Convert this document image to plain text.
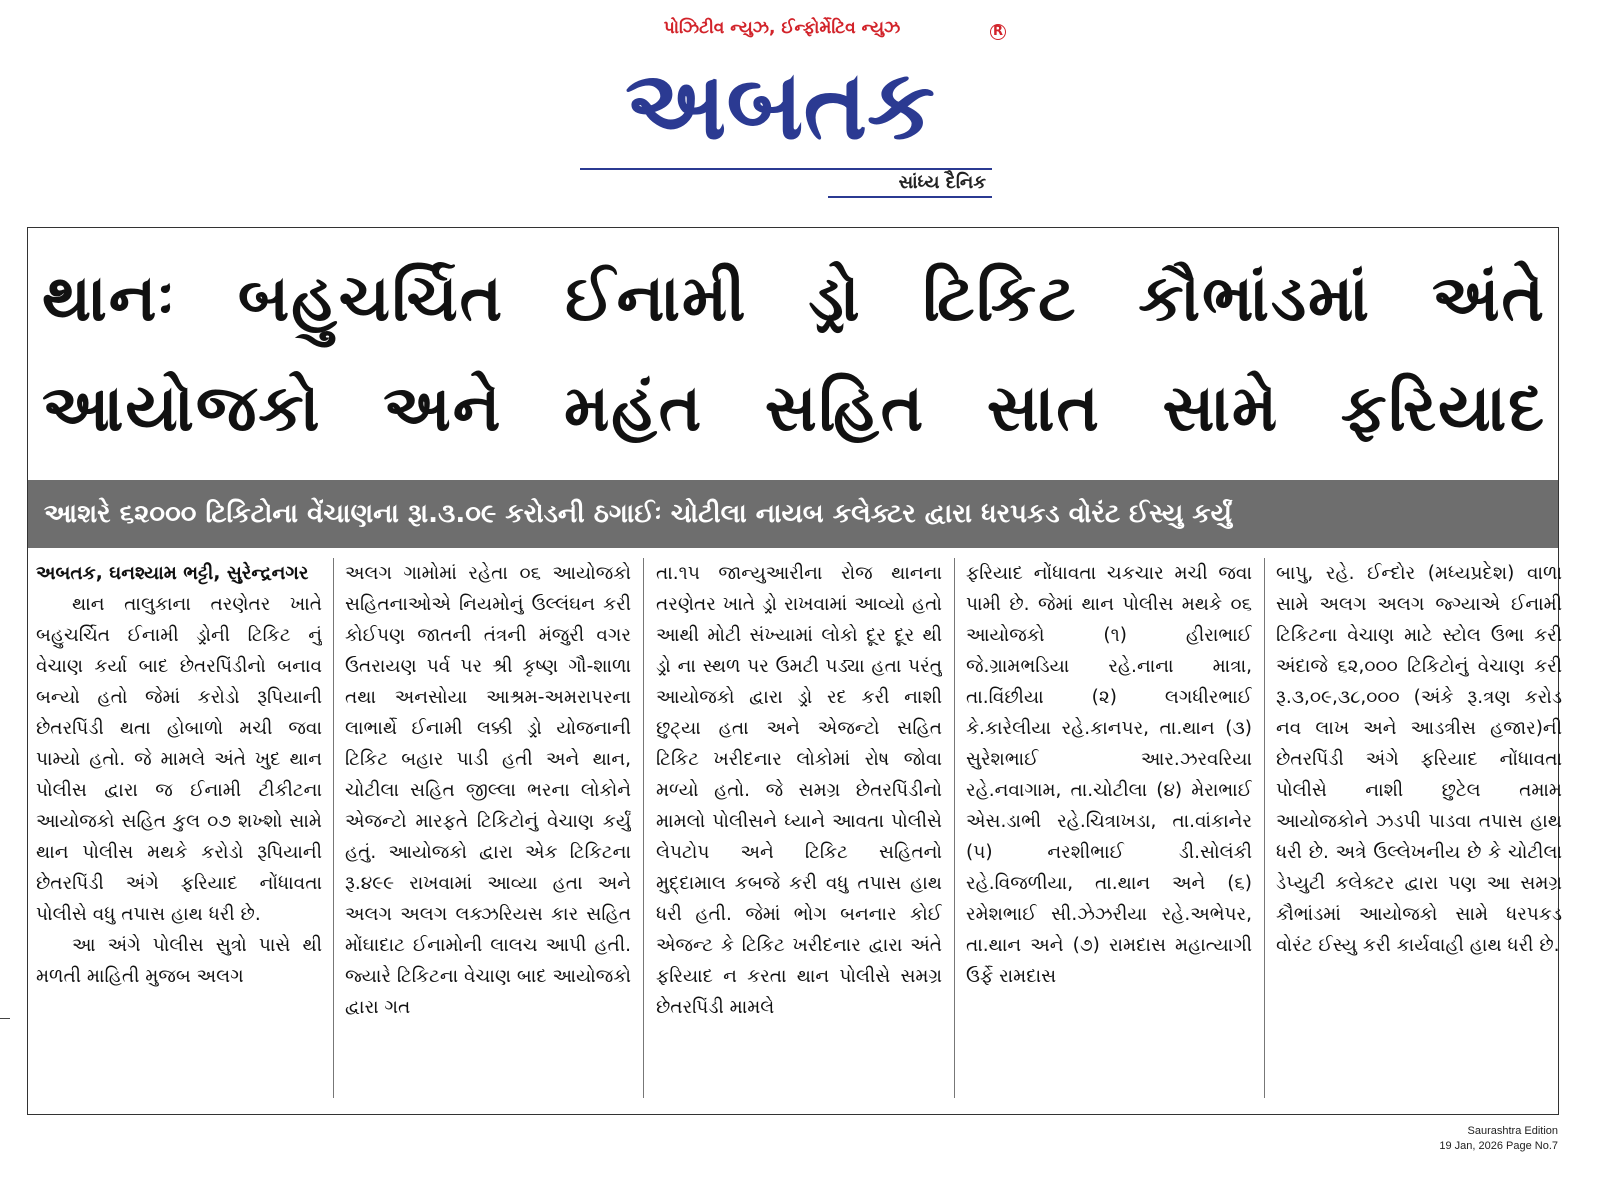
પોઝિટીવ ન્યુઝ, ઈન્ફોર્મેટિવ ન્યુઝ	R
અબતક
સાંધ્ય દૈનિક
થાનઃ બહુચર્ચિત ઈનામી ડ્રો ટિકિટ કૌભાંડમાં અંતે
આયોજકો અને મહંત સહિત સાત સામે ફરિયાદ
આશરે ૬૨૦૦૦ ટિકિટોના વેંચાણના રૂા.૩.૦૯ કરોડની ઠગાઈઃ ચોટીલા નાયબ કલેક્ટર દ્વારા ધરપકડ વોરંટ ઈસ્યુ કર્યું

અબતક, ઘનશ્યામ ભટ્ટી, સુરેન્દ્રનગર

થાન તાલુકાના તરણેતર ખાતે બહુચર્ચિત ઈનામી ડ્રોની ટિકિટ નું વેચાણ કર્યા બાદ છેતરપિંડીનો બનાવ બન્યો હતો જેમાં કરોડો રૂપિયાની છેતરપિંડી થતા હોબાળો મચી જવા પામ્યો હતો. જે મામલે અંતે ખુદ થાન પોલીસ દ્વારા જ ઈનામી ટીકીટના આયોજકો સહિત કુલ ૦૭ શખ્શો સામે થાન પોલીસ મથકે કરોડો રૂપિયાની છેતરપિંડી અંગે ફરિયાદ નોંધાવતા પોલીસે વધુ તપાસ હાથ ધરી છે.

આ અંગે પોલીસ સુત્રો પાસે થી મળતી માહિતી મુજબ અલગ

અલગ ગામોમાં રહેતા ૦૬ આયોજકો સહિતનાઓએ નિયમોનું ઉલ્લંઘન કરી કોઈપણ જાતની તંત્રની મંજુરી વગર ઉતરાયણ પર્વ પર શ્રી કૃષ્ણ ગૌ-શાળા તથા અનસોયા આશ્રમ-અમરાપરના લાભાર્થે ઈનામી લક્કી ડ્રો યોજનાની ટિકિટ બહાર પાડી હતી અને થાન, ચોટીલા સહિત જીલ્લા ભરના લોકોને એજન્ટો મારફતે ટિકિટોનું વેચાણ કર્યું હતું. આયોજકો દ્વારા એક ટિકિટના રૂ.૪૯૯ રાખવામાં આવ્યા હતા અને અલગ અલગ લક્ઝરિયસ કાર સહિત મોંઘાદાટ ઈનામોની લાલચ આપી હતી. જ્યારે ટિકિટના વેચાણ બાદ આયોજકો દ્વારા ગત

તા.૧૫ જાન્યુઆરીના રોજ થાનના તરણેતર ખાતે ડ્રો રાખવામાં આવ્યો હતો આથી મોટી સંખ્યામાં લોકો દૂર દૂર થી ડ્રો ના સ્થળ પર ઉમટી પડ્યા હતા પરંતુ આયોજકો દ્વારા ડ્રો રદ કરી નાશી છુટ્યા હતા અને એજન્ટો સહિત ટિકિટ ખરીદનાર લોકોમાં રોષ જોવા મળ્યો હતો. જે સમગ્ર છેતરપિંડીનો મામલો પોલીસને ધ્યાને આવતા પોલીસે લેપટોપ અને ટિકિટ સહિતનો મુદ્દામાલ કબજે કરી વધુ તપાસ હાથ ધરી હતી. જેમાં ભોગ બનનાર કોઈ એજન્ટ કે ટિકિટ ખરીદનાર દ્વારા અંતે ફરિયાદ ન કરતા થાન પોલીસે સમગ્ર છેતરપિંડી મામલે

ફરિયાદ નોંધાવતા ચકચાર મચી જવા પામી છે. જેમાં થાન પોલીસ મથકે ૦૬ આયોજકો (૧) હીરાભાઈ જે.ગ્રામભડિયા રહે.નાના માત્રા, તા.વિંછીયા (૨) લગધીરભાઈ કે.કારેલીયા રહે.કાનપર, તા.થાન (૩) સુરેશભાઈ આર.ઝરવરિયા રહે.નવાગામ, તા.ચોટીલા (૪) મેરાભાઈ એસ.ડાભી રહે.ચિત્રાખડા, તા.વાંકાનેર (૫) નરશીભાઈ ડી.સોલંકી રહે.વિજળીયા, તા.થાન અને (૬) રમેશભાઈ સી.ઝેઝરીયા રહે.અભેપર, તા.થાન અને (૭) રામદાસ મહાત્યાગી ઉર્ફે રામદાસ

બાપુ, રહે. ઈન્દોર (મધ્યપ્રદેશ) વાળા સામે અલગ અલગ જ્ગ્યાએ ઈનામી ટિકિટના વેચાણ માટે સ્ટોલ ઉભા કરી અંદાજે ૬૨,૦૦૦ ટિકિટોનું વેચાણ કરી રૂ.૩,૦૯,૩૮,૦૦૦ (અંકે રૂ.ત્રણ કરોડ નવ લાખ અને આડત્રીસ હજાર)ની છેતરપિંડી અંગે ફરિયાદ નોંધાવતા પોલીસે નાશી છુટેલ તમામ આયોજકોને ઝડપી પાડવા તપાસ હાથ ધરી છે. અત્રે ઉલ્લેખનીય છે કે ચોટીલા ડેપ્યુટી કલેક્ટર દ્વારા પણ આ સમગ્ર કૌભાંડમાં આયોજકો સામે ધરપકડ વોરંટ ઈસ્યુ કરી કાર્યવાહી હાથ ધરી છે.

Saurashtra Edition
19 Jan, 2026 Page No.7
